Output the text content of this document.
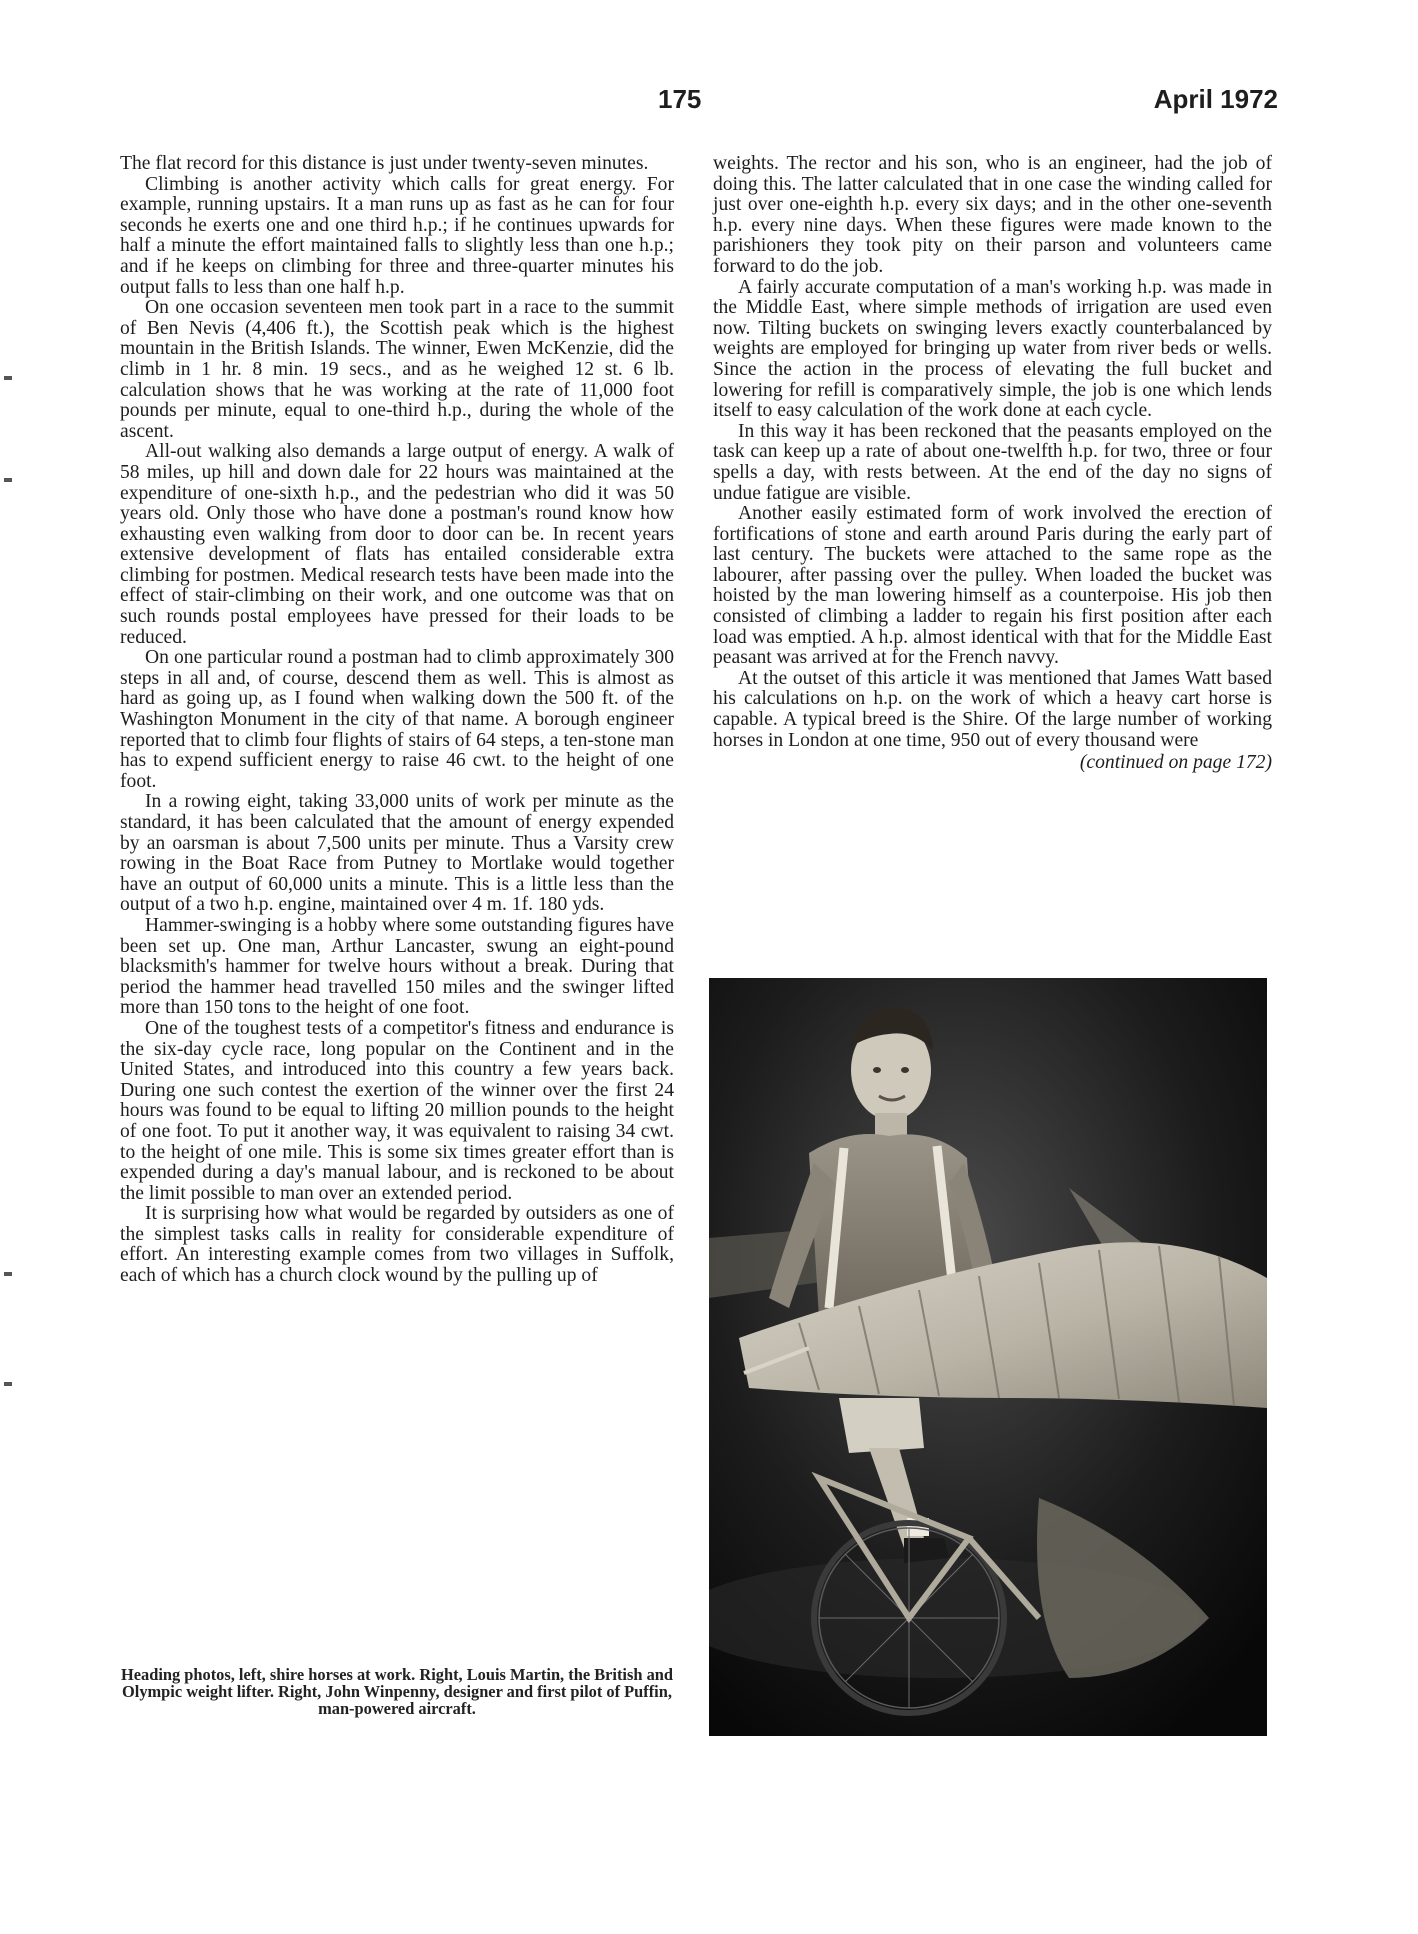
175	April 1972

The flat record for this distance is just under twenty-seven minutes.

Climbing is another activity which calls for great energy. For example, running upstairs. It a man runs up as fast as he can for four seconds he exerts one and one third h.p.; if he continues upwards for half a minute the effort maintained falls to slightly less than one h.p.; and if he keeps on climbing for three and three-quarter minutes his output falls to less than one half h.p.

On one occasion seventeen men took part in a race to the summit of Ben Nevis (4,406 ft.), the Scottish peak which is the highest mountain in the British Islands. The winner, Ewen McKenzie, did the climb in 1 hr. 8 min. 19 secs., and as he weighed 12 st. 6 lb. calculation shows that he was working at the rate of 11,000 foot pounds per minute, equal to one-third h.p., during the whole of the ascent.

All-out walking also demands a large output of energy. A walk of 58 miles, up hill and down dale for 22 hours was maintained at the expenditure of one-sixth h.p., and the pedestrian who did it was 50 years old. Only those who have done a postman's round know how exhausting even walking from door to door can be. In recent years extensive development of flats has entailed considerable extra climbing for postmen. Medical research tests have been made into the effect of stair-climbing on their work, and one outcome was that on such rounds postal employees have pressed for their loads to be reduced.

On one particular round a postman had to climb approximately 300 steps in all and, of course, descend them as well. This is almost as hard as going up, as I found when walking down the 500 ft. of the Washington Monument in the city of that name. A borough engineer reported that to climb four flights of stairs of 64 steps, a ten-stone man has to expend sufficient energy to raise 46 cwt. to the height of one foot.

In a rowing eight, taking 33,000 units of work per minute as the standard, it has been calculated that the amount of energy expended by an oarsman is about 7,500 units per minute. Thus a Varsity crew rowing in the Boat Race from Putney to Mortlake would together have an output of 60,000 units a minute. This is a little less than the output of a two h.p. engine, maintained over 4 m. 1f. 180 yds.

Hammer-swinging is a hobby where some outstanding figures have been set up. One man, Arthur Lancaster, swung an eight-pound blacksmith's hammer for twelve hours without a break. During that period the hammer head travelled 150 miles and the swinger lifted more than 150 tons to the height of one foot.

One of the toughest tests of a competitor's fitness and endurance is the six-day cycle race, long popular on the Continent and in the United States, and introduced into this country a few years back. During one such contest the exertion of the winner over the first 24 hours was found to be equal to lifting 20 million pounds to the height of one foot. To put it another way, it was equivalent to raising 34 cwt. to the height of one mile. This is some six times greater effort than is expended during a day's manual labour, and is reckoned to be about the limit possible to man over an extended period.

It is surprising how what would be regarded by outsiders as one of the simplest tasks calls in reality for considerable expenditure of effort. An interesting example comes from two villages in Suffolk, each of which has a church clock wound by the pulling up of

weights. The rector and his son, who is an engineer, had the job of doing this. The latter calculated that in one case the winding called for just over one-eighth h.p. every six days; and in the other one-seventh h.p. every nine days. When these figures were made known to the parishioners they took pity on their parson and volunteers came forward to do the job.

A fairly accurate computation of a man's working h.p. was made in the Middle East, where simple methods of irrigation are used even now. Tilting buckets on swinging levers exactly counterbalanced by weights are employed for bringing up water from river beds or wells. Since the action in the process of elevating the full bucket and lowering for refill is comparatively simple, the job is one which lends itself to easy calculation of the work done at each cycle.

In this way it has been reckoned that the peasants employed on the task can keep up a rate of about one-twelfth h.p. for two, three or four spells a day, with rests between. At the end of the day no signs of undue fatigue are visible.

Another easily estimated form of work involved the erection of fortifications of stone and earth around Paris during the early part of last century. The buckets were attached to the same rope as the labourer, after passing over the pulley. When loaded the bucket was hoisted by the man lowering himself as a counterpoise. His job then consisted of climbing a ladder to regain his first position after each load was emptied. A h.p. almost identical with that for the Middle East peasant was arrived at for the French navvy.

At the outset of this article it was mentioned that James Watt based his calculations on h.p. on the work of which a heavy cart horse is capable. A typical breed is the Shire. Of the large number of working horses in London at one time, 950 out of every thousand were

(continued on page 172)
Heading photos, left, shire horses at work. Right, Louis Martin, the British and Olympic weight lifter. Right, John Winpenny, designer and first pilot of Puffin, man-powered aircraft.
